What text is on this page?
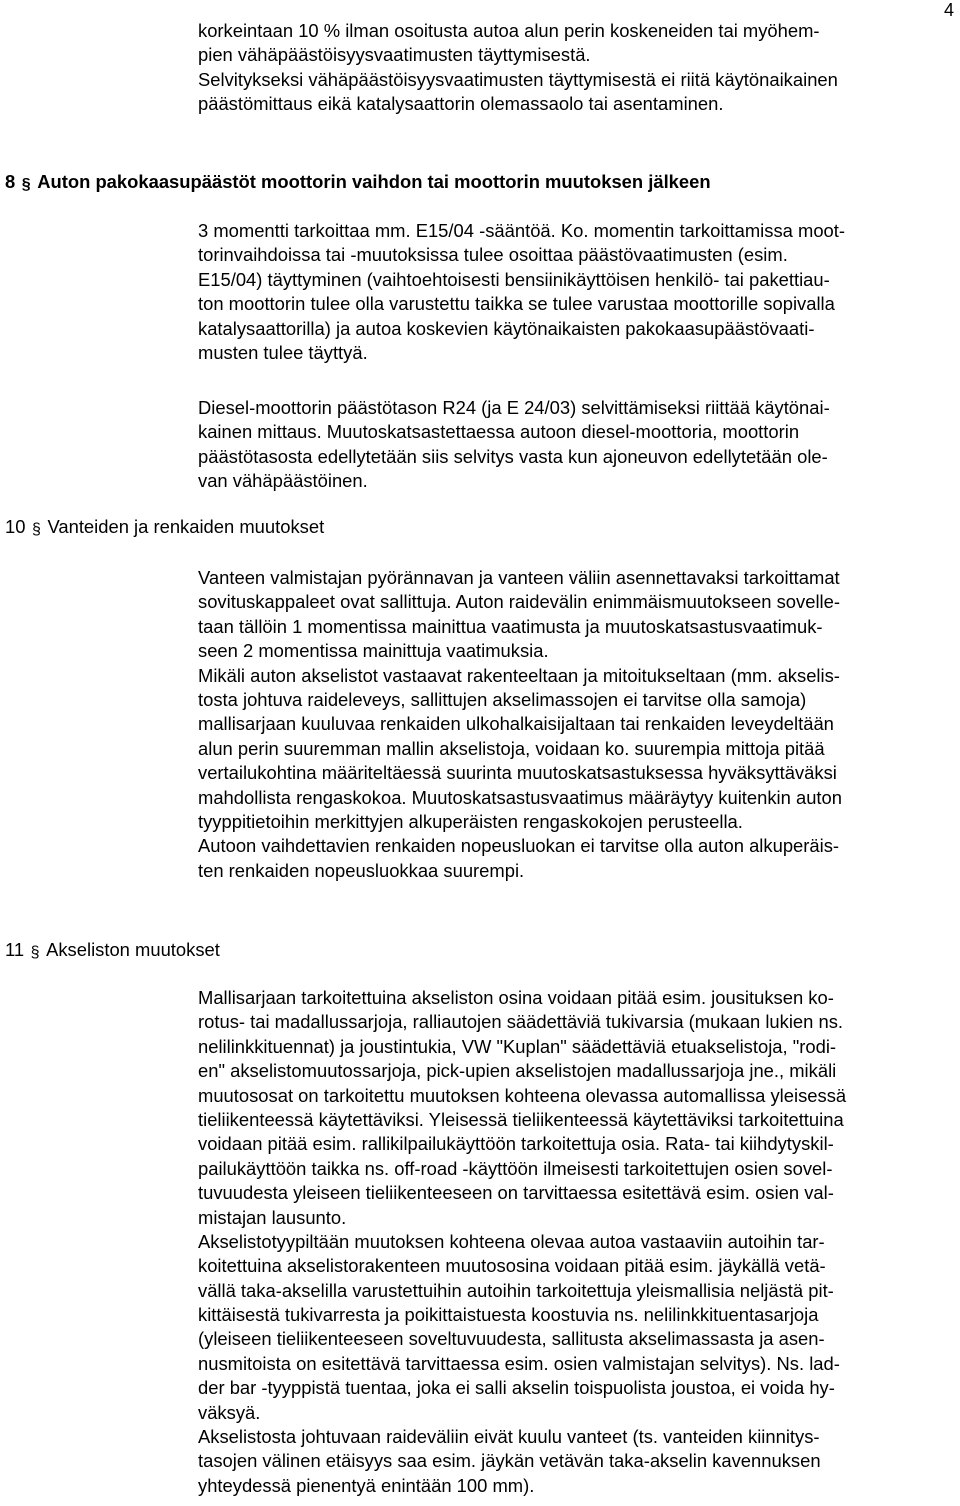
4
korkeintaan 10 % ilman osoitusta autoa alun perin koskeneiden tai myöhem-
pien vähäpäästöisyysvaatimusten täyttymisestä.
Selvitykseksi vähäpäästöisyysvaatimusten täyttymisestä ei riitä käytönaikainen
päästömittaus eikä katalysaattorin olemassaolo tai asentaminen.
8 § Auton pakokaasupäästöt moottorin vaihdon tai moottorin muutoksen jälkeen
3 momentti tarkoittaa mm. E15/04 -sääntöä. Ko. momentin tarkoittamissa moot-
torinvaihdoissa tai -muutoksissa tulee osoittaa päästövaatimusten (esim.
E15/04) täyttyminen (vaihtoehtoisesti bensiinikäyttöisen henkilö- tai pakettiau-
ton moottorin tulee olla varustettu taikka se tulee varustaa moottorille sopivalla
katalysaattorilla) ja autoa koskevien käytönaikaisten pakokaasupäästövaati-
musten tulee täyttyä.
Diesel-moottorin päästötason R24 (ja E 24/03) selvittämiseksi riittää käytönai-
kainen mittaus. Muutoskatsastettaessa autoon diesel-moottoria, moottorin
päästötasosta edellytetään siis selvitys vasta kun ajoneuvon edellytetään ole-
van vähäpäästöinen.
10 § Vanteiden ja renkaiden muutokset
Vanteen valmistajan pyörännavan ja vanteen väliin asennettavaksi tarkoittamat
sovituskappaleet ovat sallittuja. Auton raidevälin enimmäismuutokseen sovelle-
taan tällöin 1 momentissa mainittua vaatimusta ja muutoskatsastusvaatimuk-
seen 2 momentissa mainittuja vaatimuksia.
Mikäli auton akselistot vastaavat rakenteeltaan ja mitoitukseltaan (mm. akselis-
tosta johtuva raideleveys, sallittujen akselimassojen ei tarvitse olla samoja)
mallisarjaan kuuluvaa renkaiden ulkohalkaisijaltaan tai renkaiden leveydeltään
alun perin suuremman mallin akselistoja, voidaan ko. suurempia mittoja pitää
vertailukohtina määriteltäessä suurinta muutoskatsastuksessa hyväksyttäväksi
mahdollista rengaskokoa. Muutoskatsastusvaatimus määräytyy kuitenkin auton
tyyppitietoihin merkittyjen alkuperäisten rengaskokojen perusteella.
Autoon vaihdettavien renkaiden nopeusluokan ei tarvitse olla auton alkuperäis-
ten renkaiden nopeusluokkaa suurempi.
11 § Akseliston muutokset
Mallisarjaan tarkoitettuina akseliston osina voidaan pitää esim. jousituksen ko-
rotus- tai madallussarjoja, ralliautojen säädettäviä tukivarsia (mukaan lukien ns.
nelilinkkituennat) ja joustintukia, VW "Kuplan" säädettäviä etuakselistoja, "rodi-
en" akselistomuutossarjoja, pick-upien akselistojen madallussarjoja jne., mikäli
muutososat on tarkoitettu muutoksen kohteena olevassa automallissa yleisessä
tieliikenteessä käytettäviksi. Yleisessä tieliikenteessä käytettäviksi tarkoitettuina
voidaan pitää esim. rallikilpailukäyttöön tarkoitettuja osia. Rata- tai kiihdytyskil-
pailukäyttöön taikka ns. off-road -käyttöön ilmeisesti tarkoitettujen osien sovel-
tuvuudesta yleiseen tieliikenteeseen on tarvittaessa esitettävä esim. osien val-
mistajan lausunto.
Akselistotyypiltään muutoksen kohteena olevaa autoa vastaaviin autoihin tar-
koitettuina akselistorakenteen muutososina voidaan pitää esim. jäykällä vetä-
vällä taka-akselilla varustettuihin autoihin tarkoitettuja yleismallisia neljästä pit-
kittäisestä tukivarresta ja poikittaistuesta koostuvia ns. nelilinkkituentasarjoja
(yleiseen tieliikenteeseen soveltuvuudesta, sallitusta akselimassasta ja asen-
nusmitoista on esitettävä tarvittaessa esim. osien valmistajan selvitys). Ns. lad-
der bar -tyyppistä tuentaa, joka ei salli akselin toispuolista joustoa, ei voida hy-
väksyä.
Akselistosta johtuvaan raideväliin eivät kuulu vanteet (ts. vanteiden kiinnitys-
tasojen välinen etäisyys saa esim. jäykän vetävän taka-akselin kavennuksen
yhteydessä pienentyä enintään 100 mm).
